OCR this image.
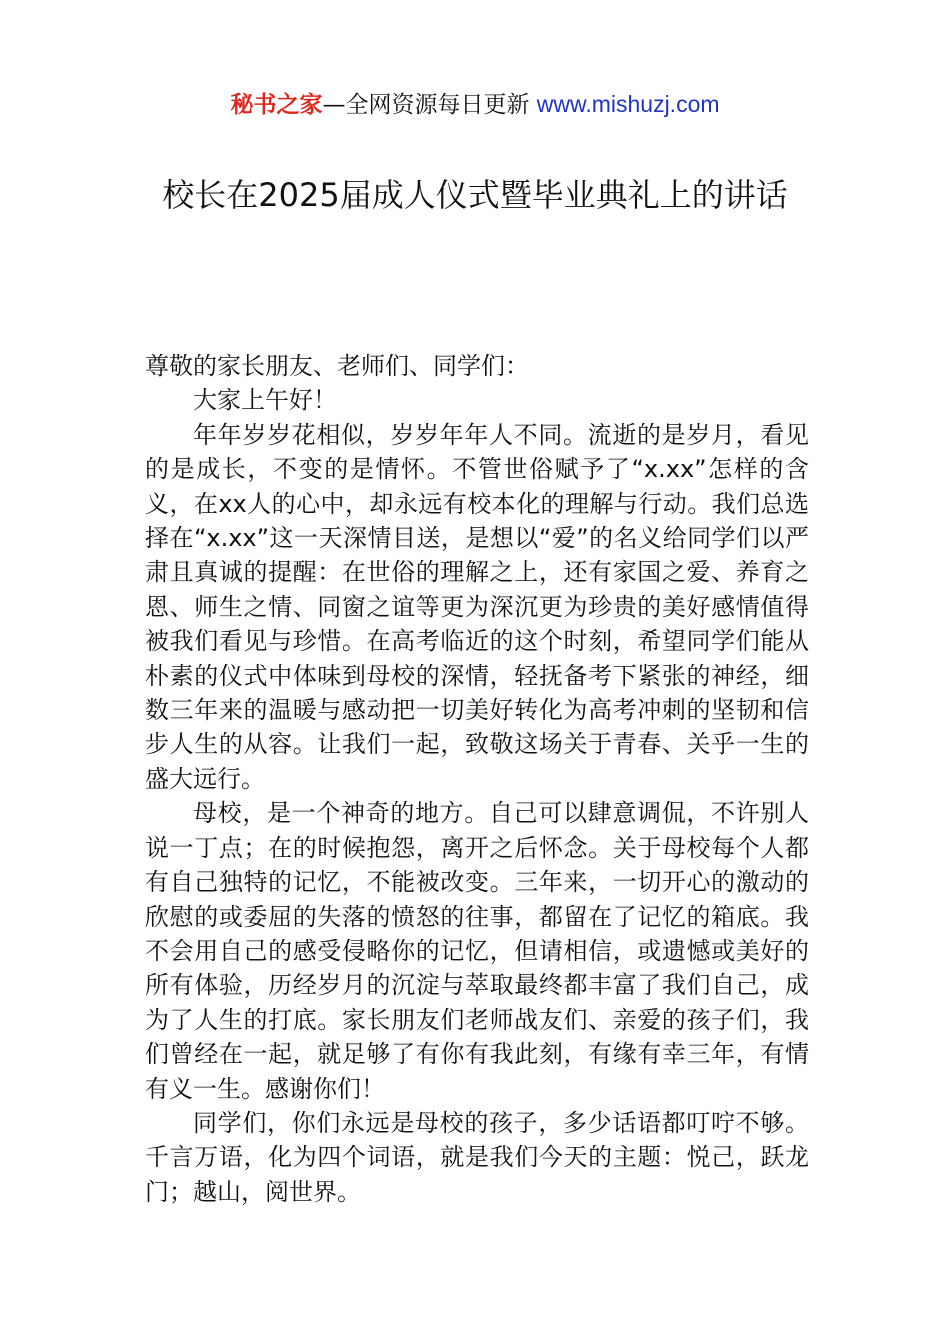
秘书之家—全网资源每日更新 www.mishuzj.com
校长在2025届成人仪式暨毕业典礼上的讲话

尊敬的家长朋友、老师们、同学们：

大家上午好！

年年岁岁花相似，岁岁年年人不同。流逝的是岁月，看见的是成长，不变的是情怀。不管世俗赋予了“x.xx”怎样的含义，在xx人的心中，却永远有校本化的理解与行动。我们总选择在“x.xx”这一天深情目送，是想以“爱”的名义给同学们以严肃且真诚的提醒：在世俗的理解之上，还有家国之爱、养育之恩、师生之情、同窗之谊等更为深沉更为珍贵的美好感情值得被我们看见与珍惜。在高考临近的这个时刻，希望同学们能从朴素的仪式中体味到母校的深情，轻抚备考下紧张的神经，细数三年来的温暖与感动把一切美好转化为高考冲刺的坚韧和信步人生的从容。让我们一起，致敬这场关于青春、关乎一生的盛大远行。

母校，是一个神奇的地方。自己可以肆意调侃，不许别人说一丁点；在的时候抱怨，离开之后怀念。关于母校每个人都有自己独特的记忆，不能被改变。三年来，一切开心的激动的欣慰的或委屈的失落的愤怒的往事，都留在了记忆的箱底。我不会用自己的感受侵略你的记忆，但请相信，或遗憾或美好的所有体验，历经岁月的沉淀与萃取最终都丰富了我们自己，成为了人生的打底。家长朋友们老师战友们、亲爱的孩子们，我们曾经在一起，就足够了有你有我此刻，有缘有幸三年，有情有义一生。感谢你们！

同学们，你们永远是母校的孩子，多少话语都叮咛不够。千言万语，化为四个词语，就是我们今天的主题：悦己，跃龙门；越山，阅世界。
